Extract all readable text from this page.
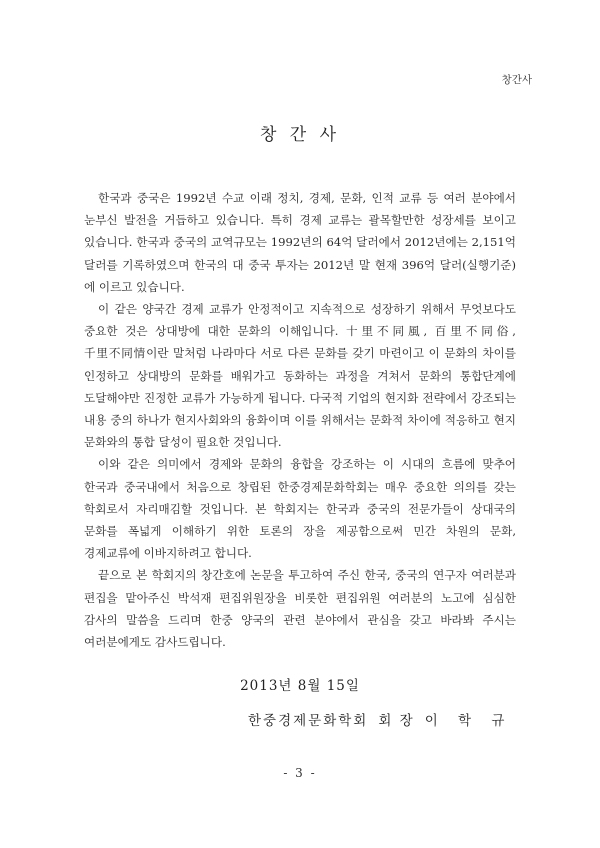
창간사
창 간 사

한국과 중국은 1992년 수교 이래 정치, 경제, 문화, 인적 교류 등 여러 분야에서 눈부신 발전을 거듭하고 있습니다. 특히 경제 교류는 괄목할만한 성장세를 보이고 있습니다. 한국과 중국의 교역규모는 1992년의 64억 달러에서 2012년에는 2,151억 달러를 기록하였으며 한국의 대 중국 투자는 2012년 말 현재 396억 달러(실행기준)에 이르고 있습니다.

이 같은 양국간 경제 교류가 안정적이고 지속적으로 성장하기 위해서 무엇보다도 중요한 것은 상대방에 대한 문화의 이해입니다. 十里不同風, 百里不同俗, 千里不同情이란 말처럼 나라마다 서로 다른 문화를 갖기 마련이고 이 문화의 차이를 인정하고 상대방의 문화를 배워가고 동화하는 과정을 겨쳐서 문화의 통합단계에 도달해야만 진정한 교류가 가능하게 됩니다. 다국적 기업의 현지화 전략에서 강조되는 내용 중의 하나가 현지사회와의 융화이며 이를 위해서는 문화적 차이에 적응하고 현지 문화와의 통합 달성이 필요한 것입니다.

이와 같은 의미에서 경제와 문화의 융합을 강조하는 이 시대의 흐름에 맞추어 한국과 중국내에서 처음으로 창립된 한중경제문화학회는 매우 중요한 의의를 갖는 학회로서 자리매김할 것입니다. 본 학회지는 한국과 중국의 전문가들이 상대국의 문화를 폭넓게 이해하기 위한 토론의 장을 제공함으로써 민간 차원의 문화, 경제교류에 이바지하려고 합니다.

끝으로 본 학회지의 창간호에 논문을 투고하여 주신 한국, 중국의 연구자 여러분과 편집을 맡아주신 박석재 편집위원장을 비롯한 편집위원 여러분의 노고에 심심한 감사의 말씀을 드리며 한중 양국의 관련 분야에서 관심을 갖고 바라봐 주시는 여러분에게도 감사드립니다.

2013년 8월 15일
한중경제문화학회 회 장 이 학 규
- 3 -
